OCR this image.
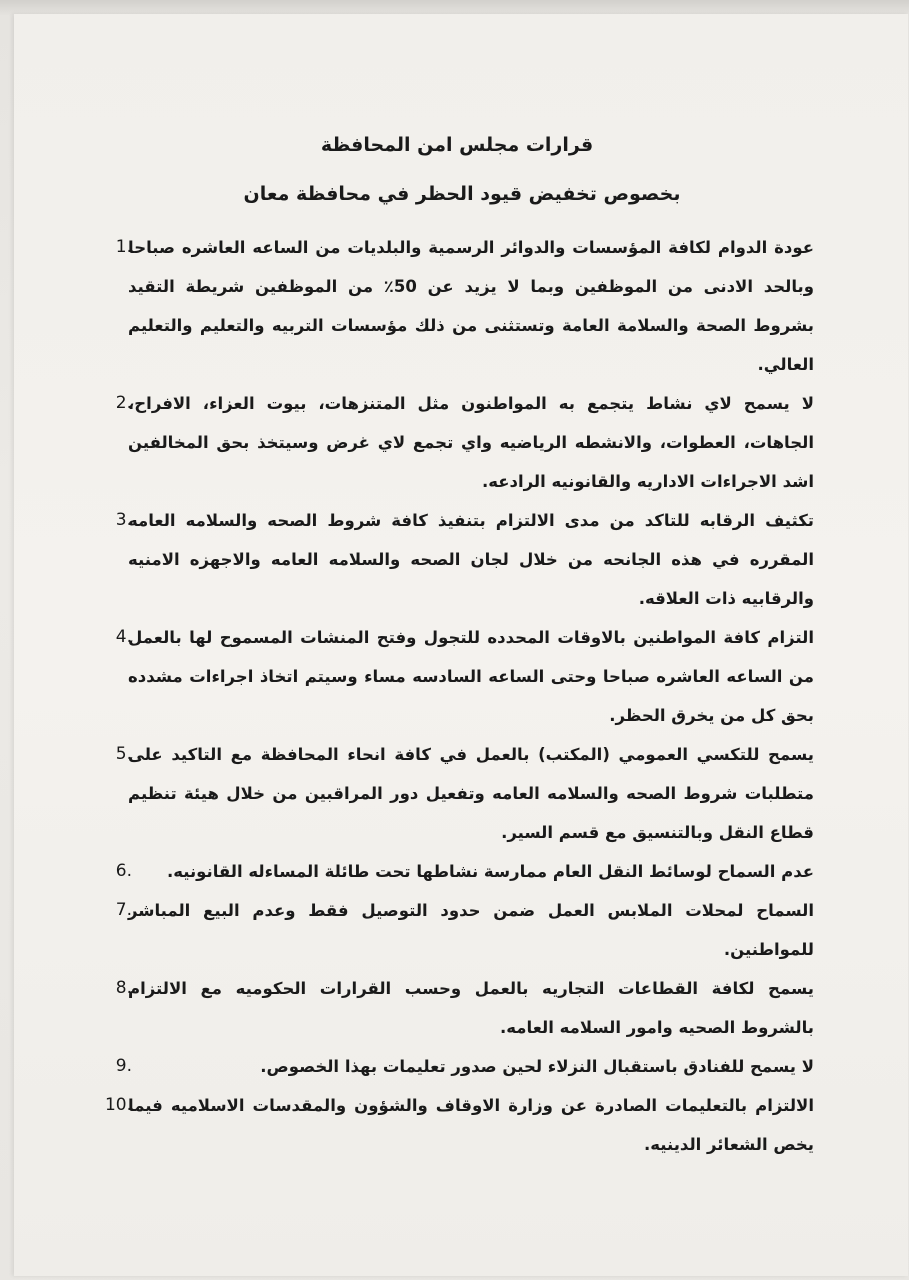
قرارات مجلس امن المحافظة
بخصوص تخفيض قيود الحظر في محافظة معان
1.
عودة الدوام لكافة المؤسسات والدوائر الرسمية والبلديات من الساعه العاشره صباحا وبالحد الادنى من الموظفين وبما لا يزيد عن 50٪ من الموظفين شريطة التقيد بشروط الصحة والسلامة العامة وتستثنى من ذلك مؤسسات التربيه والتعليم والتعليم العالي.
2.
لا يسمح لاي نشاط يتجمع به المواطنون مثل المتنزهات، بيوت العزاء، الافراح، الجاهات، العطوات، والانشطه الرياضيه واي تجمع لاي غرض وسيتخذ بحق المخالفين اشد الاجراءات الاداريه والقانونيه الرادعه.
3.
تكثيف الرقابه للتاكد من مدى الالتزام بتنفيذ كافة شروط الصحه والسلامه العامه المقرره في هذه الجانحه من خلال لجان الصحه والسلامه العامه والاجهزه الامنيه والرقابيه ذات العلاقه.
4.
التزام كافة المواطنين بالاوقات المحدده للتجول وفتح المنشات المسموح لها بالعمل من الساعه العاشره صباحا وحتى الساعه السادسه مساء وسيتم اتخاذ اجراءات مشدده بحق كل من يخرق الحظر.
5.
يسمح للتكسي العمومي (المكتب) بالعمل في كافة انحاء المحافظة مع التاكيد على متطلبات شروط الصحه والسلامه العامه وتفعيل دور المراقبين من خلال هيئة تنظيم قطاع النقل وبالتنسيق مع قسم السير.
6.	عدم السماح لوسائط النقل العام ممارسة نشاطها تحت طائلة المساءله القانونيه.
7.
السماح لمحلات الملابس العمل ضمن حدود التوصيل فقط وعدم البيع المباشر للمواطنين.
8.
يسمح لكافة القطاعات التجاريه بالعمل وحسب القرارات الحكوميه مع الالتزام بالشروط الصحيه وامور السلامه العامه.
9.	لا يسمح للفنادق باستقبال النزلاء لحين صدور تعليمات بهذا الخصوص.
10.
الالتزام بالتعليمات الصادرة عن وزارة الاوقاف والشؤون والمقدسات الاسلاميه فيما يخص الشعائر الدينيه.
